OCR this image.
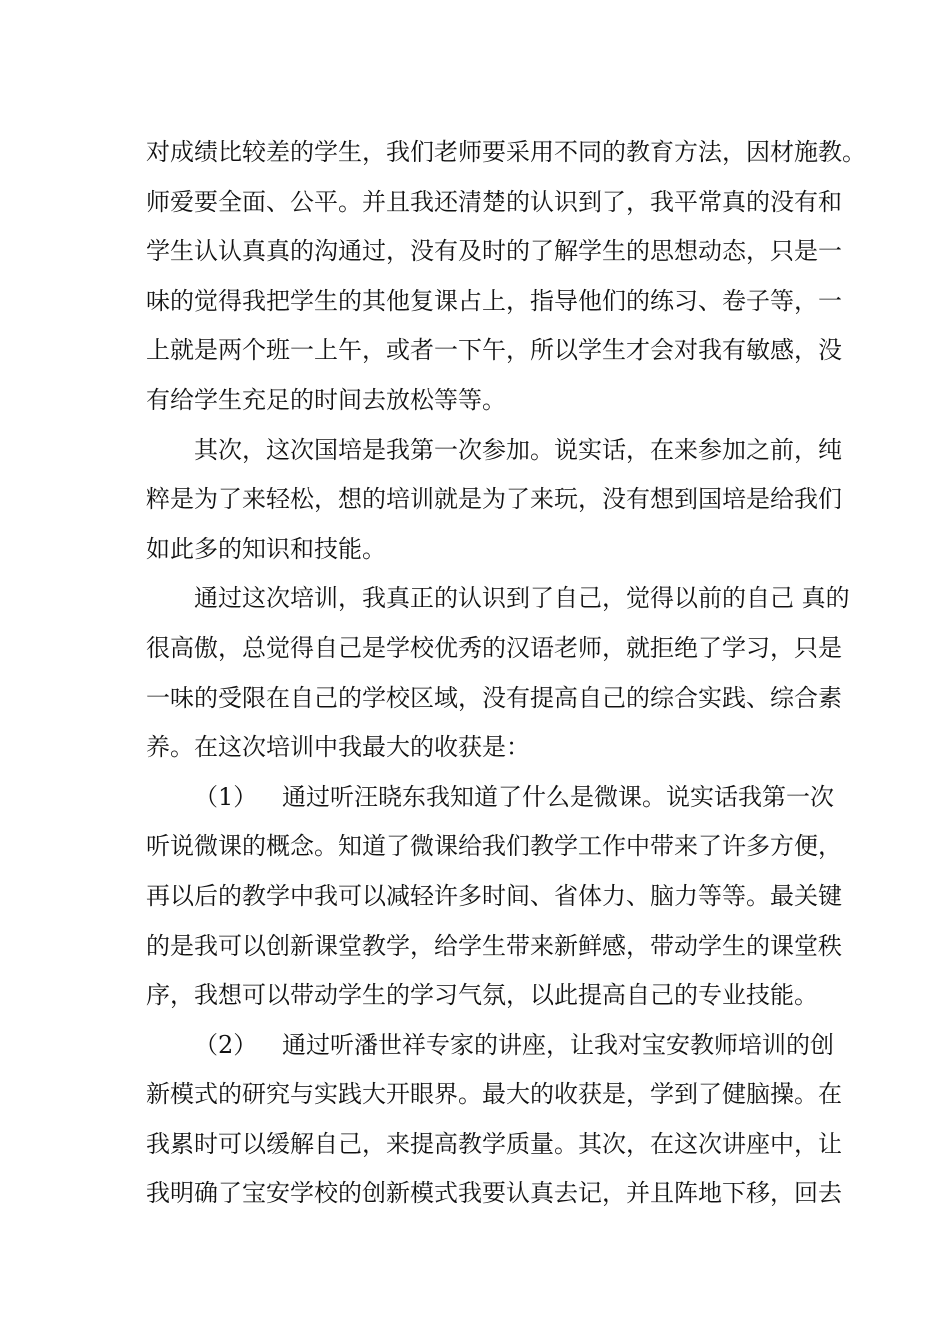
对成绩比较差的学生，我们老师要采用不同的教育方法，因材施教。
师爱要全面、公平。并且我还清楚的认识到了，我平常真的没有和
学生认认真真的沟通过，没有及时的了解学生的思想动态，只是一
味的觉得我把学生的其他复课占上，指导他们的练习、卷子等，一
上就是两个班一上午，或者一下午，所以学生才会对我有敏感，没
有给学生充足的时间去放松等等。
其次，这次国培是我第一次参加。说实话，在来参加之前，纯
粹是为了来轻松，想的培训就是为了来玩，没有想到国培是给我们
如此多的知识和技能。
通过这次培训，我真正的认识到了自己，觉得以前的自己 真的
很高傲，总觉得自己是学校优秀的汉语老师，就拒绝了学习，只是
一味的受限在自己的学校区域，没有提高自己的综合实践、综合素
养。在这次培训中我最大的收获是：
（1） 通过听汪晓东我知道了什么是微课。说实话我第一次
听说微课的概念。知道了微课给我们教学工作中带来了许多方便，
再以后的教学中我可以减轻许多时间、省体力、脑力等等。最关键
的是我可以创新课堂教学，给学生带来新鲜感，带动学生的课堂秩
序，我想可以带动学生的学习气氛，以此提高自己的专业技能。
（2） 通过听潘世祥专家的讲座，让我对宝安教师培训的创
新模式的研究与实践大开眼界。最大的收获是，学到了健脑操。在
我累时可以缓解自己，来提高教学质量。其次，在这次讲座中，让
我明确了宝安学校的创新模式我要认真去记，并且阵地下移，回去
